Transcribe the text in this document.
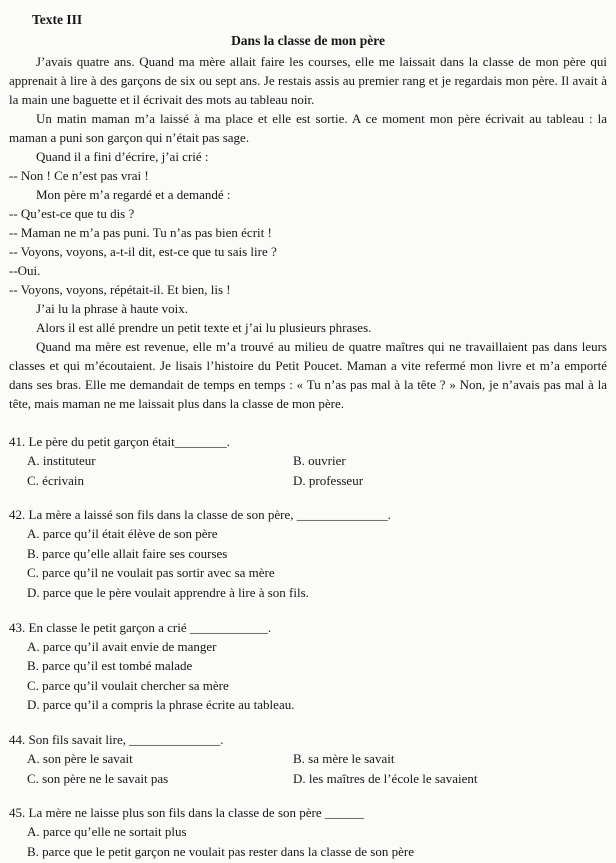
Texte III
Dans la classe de mon père

J’avais quatre ans. Quand ma mère allait faire les courses, elle me laissait dans la classe de mon père qui apprenait à lire à des garçons de six ou sept ans. Je restais assis au premier rang et je regardais mon père. Il avait à la main une baguette et il écrivait des mots au tableau noir.

Un matin maman m’a laissé à ma place et elle est sortie. A ce moment mon père écrivait au tableau : la maman a puni son garçon qui n’était pas sage.

Quand il a fini d’écrire, j’ai crié :

-- Non ! Ce n’est pas vrai !

Mon père m’a regardé et a demandé :

-- Qu’est-ce que tu dis ?

-- Maman ne m’a pas puni. Tu n’as pas bien écrit !

-- Voyons, voyons, a-t-il dit, est-ce que tu sais lire ?

--Oui.

-- Voyons, voyons, répétait-il. Et bien, lis !

J’ai lu la phrase à haute voix.

Alors il est allé prendre un petit texte et j’ai lu plusieurs phrases.

Quand ma mère est revenue, elle m’a trouvé au milieu de quatre maîtres qui ne travaillaient pas dans leurs classes et qui m’écoutaient. Je lisais l’histoire du Petit Poucet. Maman a vite refermé mon livre et m’a emporté dans ses bras. Elle me demandait de temps en temps : « Tu n’as pas mal à la tête ? » Non, je n’avais pas mal à la tête, mais maman ne me laissait plus dans la classe de mon père.

41. Le père du petit garçon était________.
A. instituteur	B. ouvrier
C. écrivain	D. professeur
42. La mère a laissé son fils dans la classe de son père, ______________.
A. parce qu’il était élève de son père
B. parce qu’elle allait faire ses courses
C. parce qu’il ne voulait pas sortir avec sa mère
D. parce que le père voulait apprendre à lire à son fils.
43. En classe le petit garçon a crié ____________.
A. parce qu’il avait envie de manger
B. parce qu’il est tombé malade
C. parce qu’il voulait chercher sa mère
D. parce qu’il a compris la phrase écrite au tableau.
44. Son fils savait lire, ______________.
A. son père le savait	B. sa mère le savait
C. son père ne le savait pas	D. les maîtres de l’école le savaient
45. La mère ne laisse plus son fils dans la classe de son père ______
A. parce qu’elle ne sortait plus
B. parce que le petit garçon ne voulait pas rester dans la classe de son père
